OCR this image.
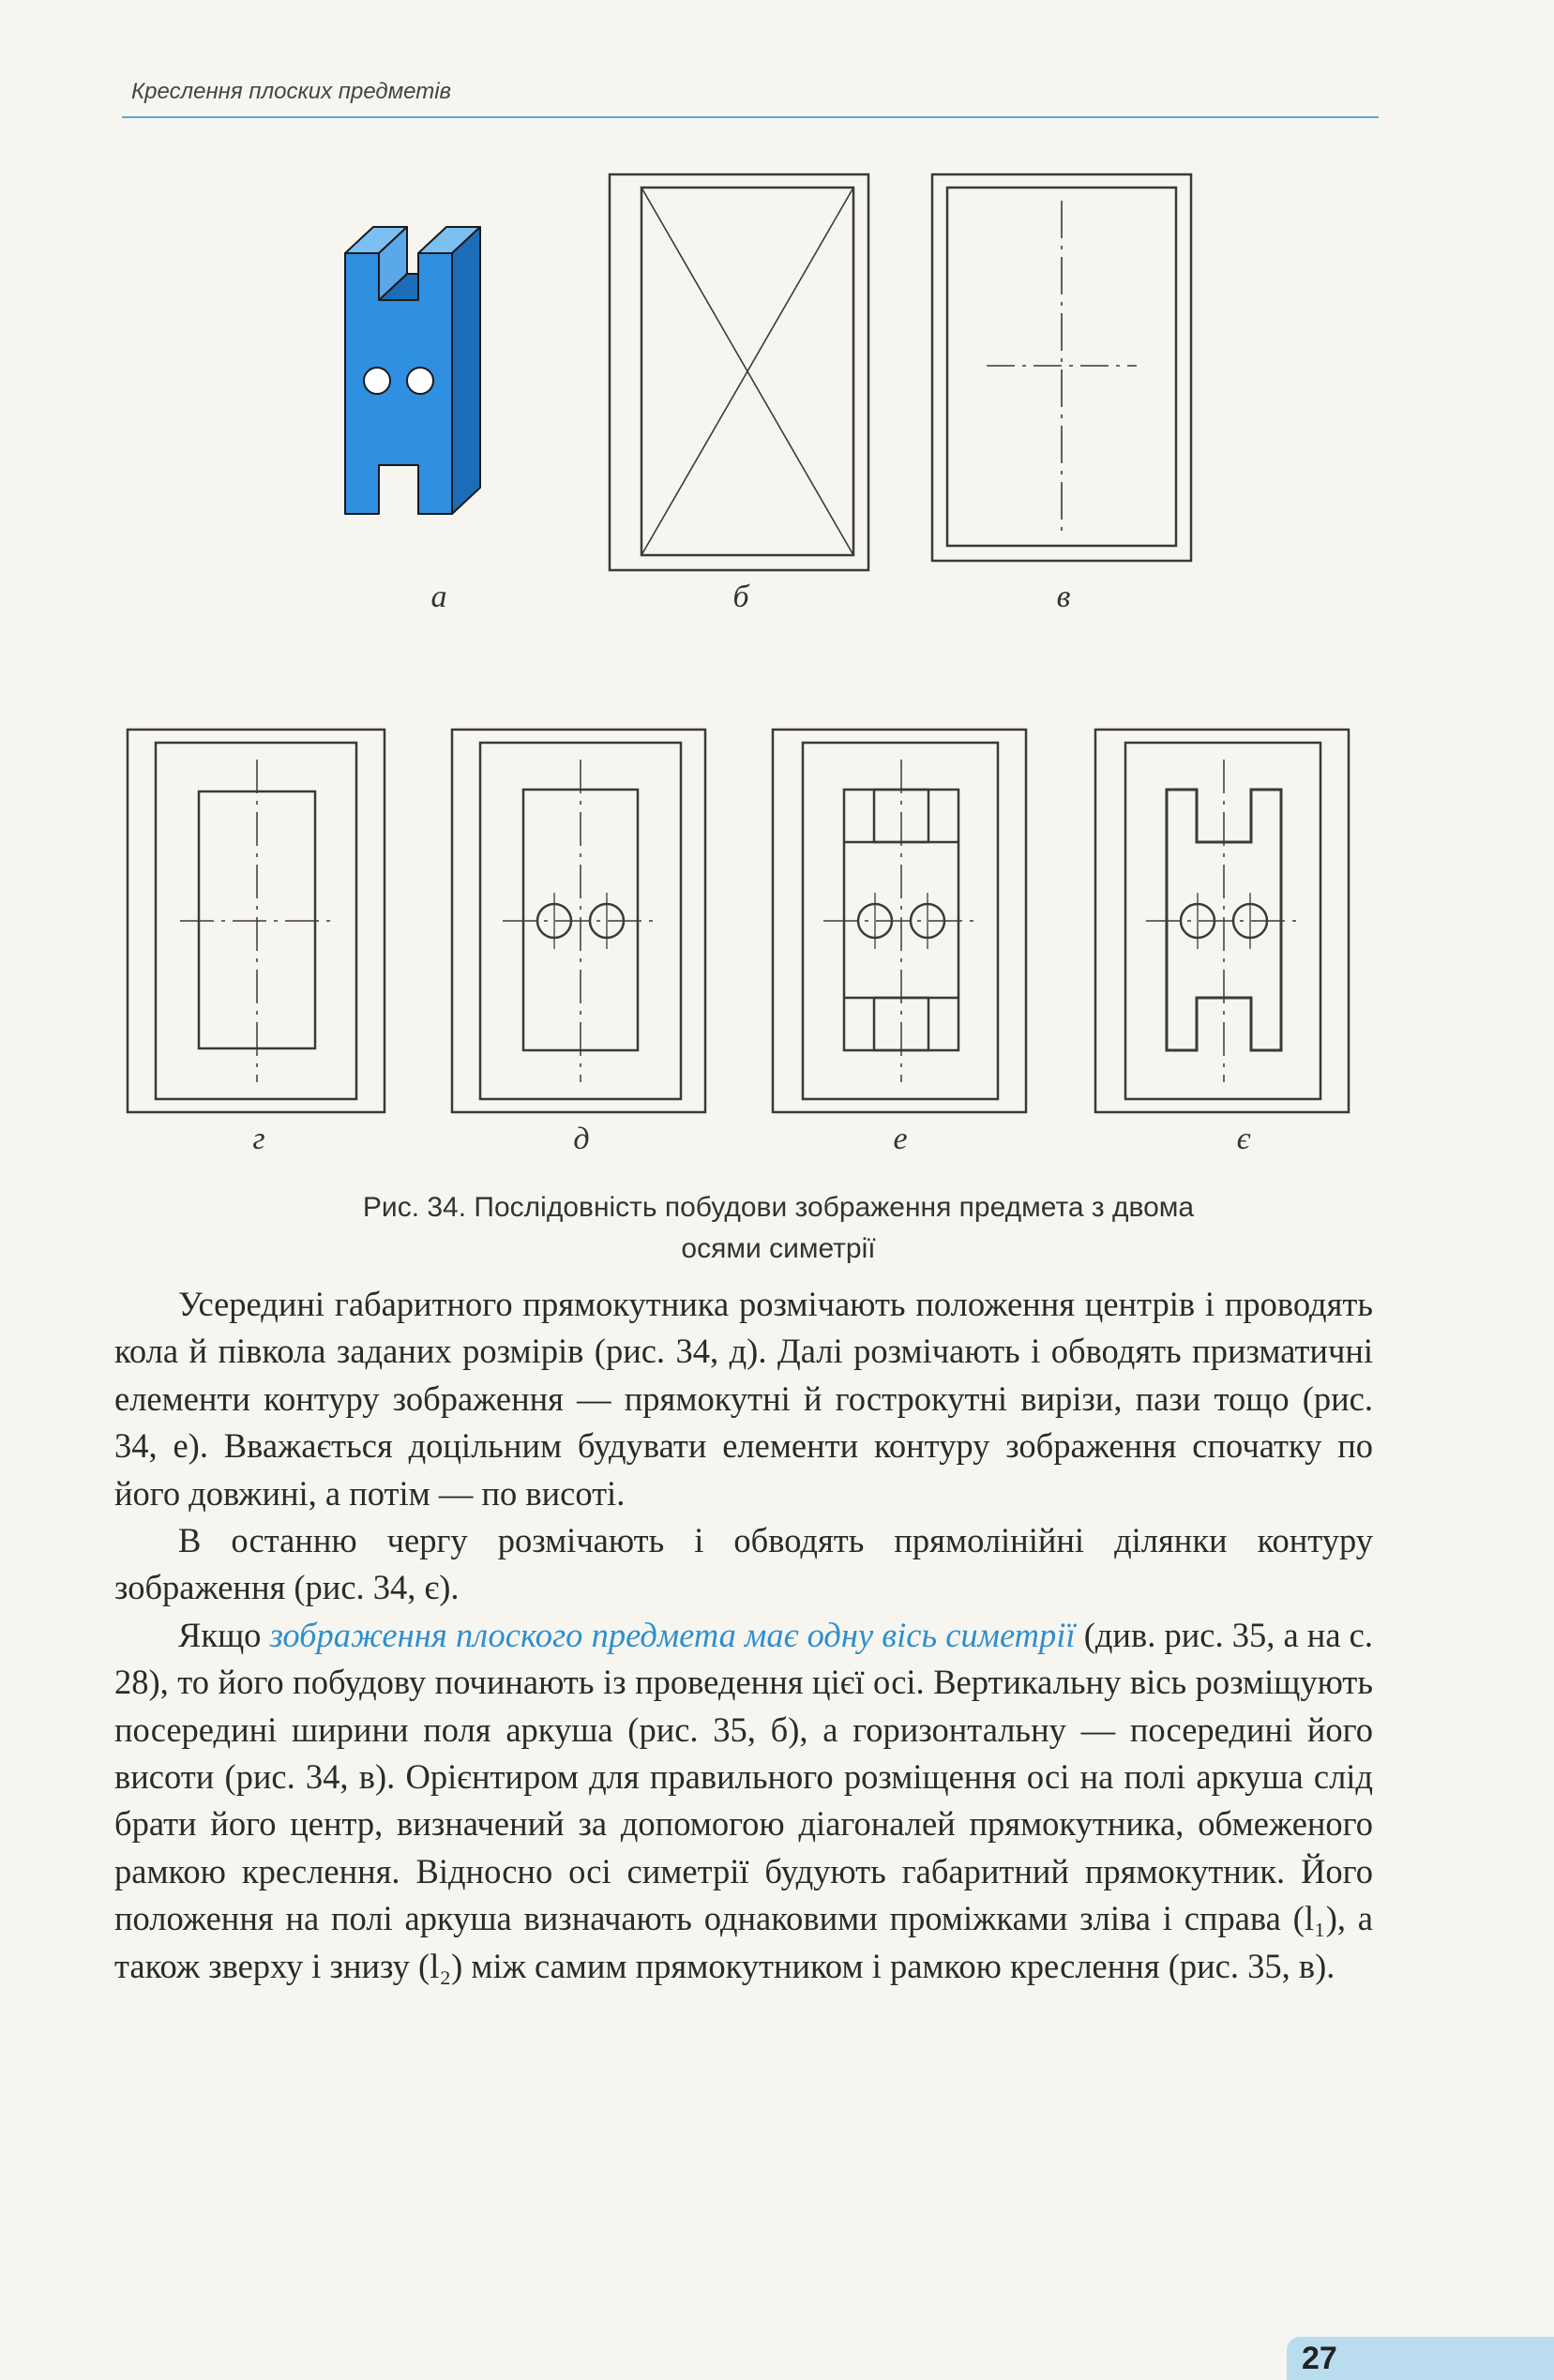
Креслення плоских предметів
а	б	в
г	д	е	є
Рис. 34. Послідовність побудови зображення предмета з двома
осями симетрії

Усередині габаритного прямокутника розмічають положення центрів і проводять кола й півкола заданих розмірів (рис. 34, д). Далі розмічають і обводять призматичні елементи контуру зображення — прямокутні й гострокутні вирізи, пази тощо (рис. 34, е). Вважається доцільним будувати елементи контуру зображення спочатку по його довжині, а потім — по висоті.

В останню чергу розмічають і обводять прямолінійні ділянки контуру зображення (рис. 34, є).

Якщо зображення плоского предмета має одну вісь симетрії (див. рис. 35, а на с. 28), то його побудову починають із проведення цієї осі. Вертикальну вісь розміщують посередині ширини поля аркуша (рис. 35, б), а горизонтальну — посередині його висоти (рис. 34, в). Орієнтиром для правильного розміщення осі на полі аркуша слід брати його центр, визначений за допомогою діагоналей прямокутника, обмеженого рамкою креслення. Відносно осі симетрії будують габаритний прямокутник. Його положення на полі аркуша визначають однаковими проміжками зліва і справа (l₁), а також зверху і знизу (l₂) між самим прямокутником і рамкою креслення (рис. 35, в).

27
